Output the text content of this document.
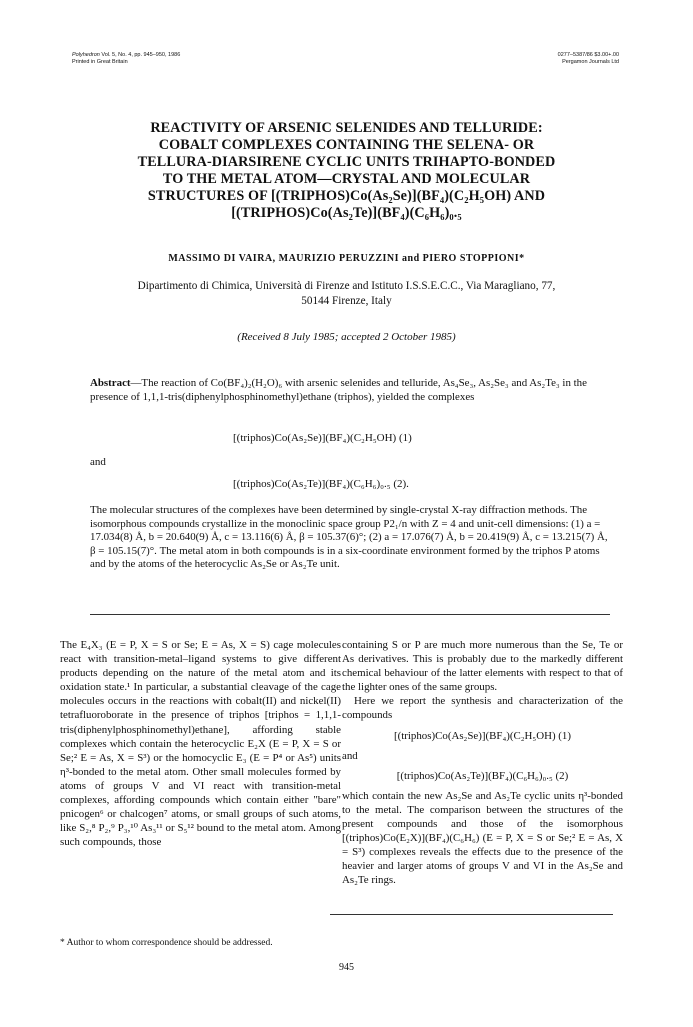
Polyhedron Vol. 5, No. 4, pp. 945–950, 1986
Printed in Great Britain
0277–5387/86 $3.00+.00
Pergamon Journals Ltd
REACTIVITY OF ARSENIC SELENIDES AND TELLURIDE:
COBALT COMPLEXES CONTAINING THE SELENA- OR
TELLURA-DIARSIRENE CYCLIC UNITS TRIHAPTO-BONDED
TO THE METAL ATOM—CRYSTAL AND MOLECULAR
STRUCTURES OF [(TRIPHOS)Co(As₂Se)](BF₄)(C₂H₅OH) AND
[(TRIPHOS)Co(As₂Te)](BF₄)(C₆H₆)₀.₅
MASSIMO DI VAIRA, MAURIZIO PERUZZINI and PIERO STOPPIONI*
Dipartimento di Chimica, Università di Firenze and Istituto I.S.S.E.C.C., Via Maragliano, 77,
50144 Firenze, Italy
(Received 8 July 1985; accepted 2 October 1985)

Abstract—The reaction of Co(BF₄)₂(H₂O)₆ with arsenic selenides and telluride, As₄Se₃, As₂Se₃ and As₂Te₃ in the presence of 1,1,1-tris(diphenylphosphinomethyl)ethane (triphos), yielded the complexes

[(triphos)Co(As₂Se)](BF₄)(C₂H₅OH) (1)
and
[(triphos)Co(As₂Te)](BF₄)(C₆H₆)₀.₅ (2).

The molecular structures of the complexes have been determined by single-crystal X-ray diffraction methods. The isomorphous compounds crystallize in the monoclinic space group P2₁/n with Z = 4 and unit-cell dimensions: (1) a = 17.034(8) Å, b = 20.640(9) Å, c = 13.116(6) Å, β = 105.37(6)°; (2) a = 17.076(7) Å, b = 20.419(9) Å, c = 13.215(7) Å, β = 105.15(7)°. The metal atom in both compounds is in a six-coordinate environment formed by the triphos P atoms and by the atoms of the heterocyclic As₂Se or As₂Te unit.

The E₄X₃ (E = P, X = S or Se; E = As, X = S) cage molecules react with transition-metal–ligand systems to give different products depending on the nature of the metal atom and its oxidation state.¹ In particular, a substantial cleavage of the cage molecules occurs in the reactions with cobalt(II) and nickel(II) tetrafluoroborate in the presence of triphos [triphos = 1,1,1-tris(diphenylphosphinomethyl)ethane], affording stable complexes which contain the heterocyclic E₂X (E = P, X = S or Se;² E = As, X = S³) or the homocyclic E₃ (E = P⁴ or As⁵) units η³-bonded to the metal atom. Other small molecules formed by atoms of groups V and VI react with transition-metal complexes, affording compounds which contain either "bare" pnicogen⁶ or chalcogen⁷ atoms, or small groups of such atoms, like S₂,⁸ P₂,⁹ P₃,¹⁰ As₃¹¹ or S₅¹² bound to the metal atom. Among such compounds, those

containing S or P are much more numerous than the Se, Te or As derivatives. This is probably due to the markedly different chemical behaviour of the latter elements with respect to that of the lighter ones of the same groups.

Here we report the synthesis and characterization of the compounds

[(triphos)Co(As₂Se)](BF₄)(C₂H₅OH) (1)

and

[(triphos)Co(As₂Te)](BF₄)(C₆H₆)₀.₅ (2)

which contain the new As₂Se and As₂Te cyclic units η³-bonded to the metal. The comparison between the structures of the present compounds and those of the isomorphous [(triphos)Co(E₂X)](BF₄)(C₆H₆) (E = P, X = S or Se;² E = As, X = S³) complexes reveals the effects due to the presence of the heavier and larger atoms of groups V and VI in the As₂Se and As₂Te rings.

* Author to whom correspondence should be addressed.
945
